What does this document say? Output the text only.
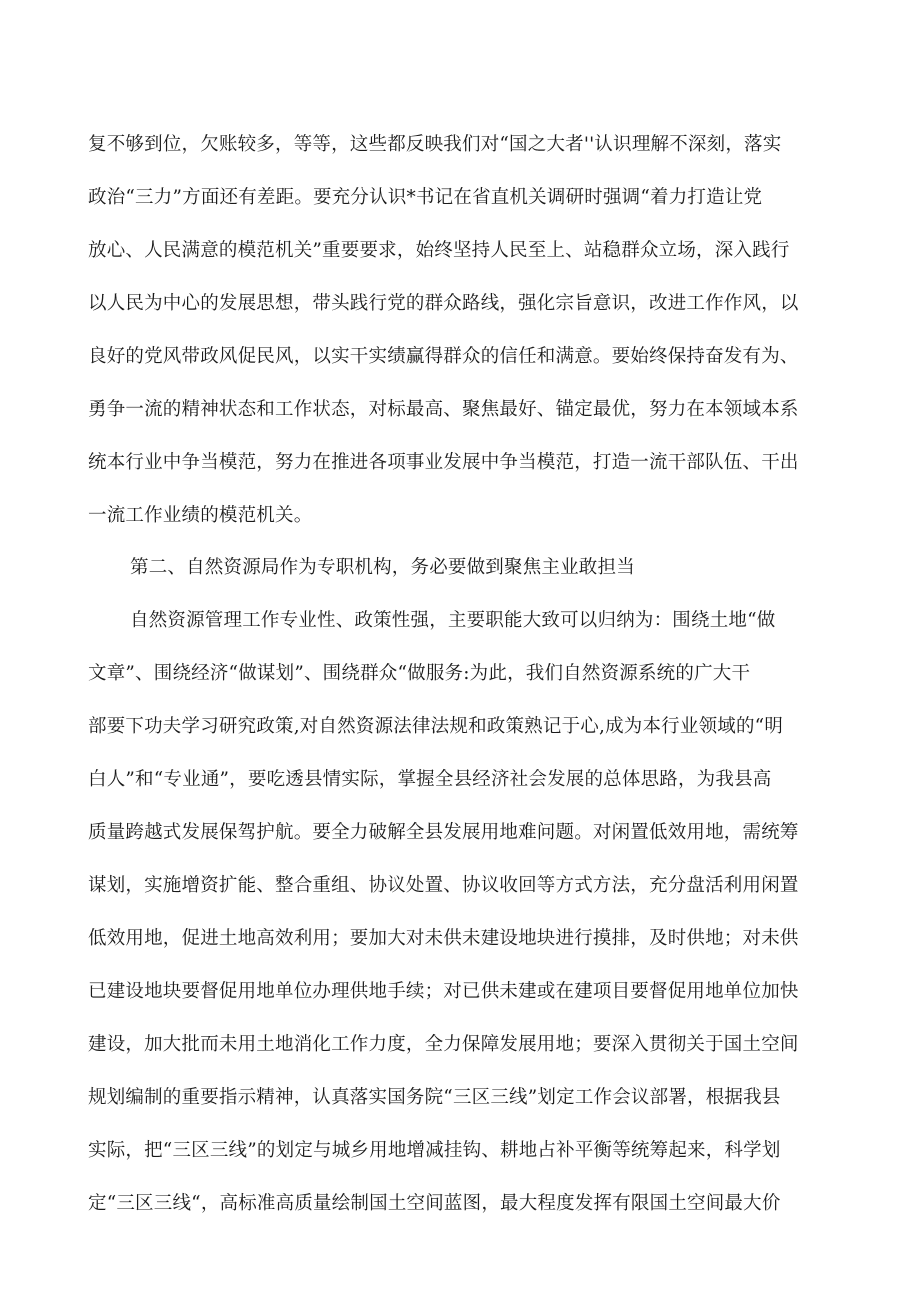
复不够到位，欠账较多，等等，这些都反映我们对“国之大者''认识理解不深刻，落实
政治“三力”方面还有差距。要充分认识*书记在省直机关调研时强调“着力打造让党
放心、人民满意的模范机关”重要要求，始终坚持人民至上、站稳群众立场，深入践行
以人民为中心的发展思想，带头践行党的群众路线，强化宗旨意识，改进工作作风，以
良好的党风带政风促民风，以实干实绩赢得群众的信任和满意。要始终保持奋发有为、
勇争一流的精神状态和工作状态，对标最高、聚焦最好、锚定最优，努力在本领域本系
统本行业中争当模范，努力在推进各项事业发展中争当模范，打造一流干部队伍、干出
一流工作业绩的模范机关。
第二、自然资源局作为专职机构，务必要做到聚焦主业敢担当
自然资源管理工作专业性、政策性强，主要职能大致可以归纳为：围绕土地“做
文章”、围绕经济“做谋划”、围绕群众“做服务:为此，我们自然资源系统的广大干
部要下功夫学习研究政策,对自然资源法律法规和政策熟记于心,成为本行业领域的“明
白人”和“专业通”，要吃透县情实际，掌握全县经济社会发展的总体思路，为我县高
质量跨越式发展保驾护航。要全力破解全县发展用地难问题。对闲置低效用地，需统筹
谋划，实施增资扩能、整合重组、协议处置、协议收回等方式方法，充分盘活利用闲置
低效用地，促进土地高效利用；要加大对未供未建设地块进行摸排，及时供地；对未供
已建设地块要督促用地单位办理供地手续；对已供未建或在建项目要督促用地单位加快
建设，加大批而未用土地消化工作力度，全力保障发展用地；要深入贯彻关于国土空间
规划编制的重要指示精神，认真落实国务院“三区三线”划定工作会议部署，根据我县
实际，把“三区三线”的划定与城乡用地增减挂钩、耕地占补平衡等统筹起来，科学划
定“三区三线“，高标准高质量绘制国土空间蓝图，最大程度发挥有限国土空间最大价
